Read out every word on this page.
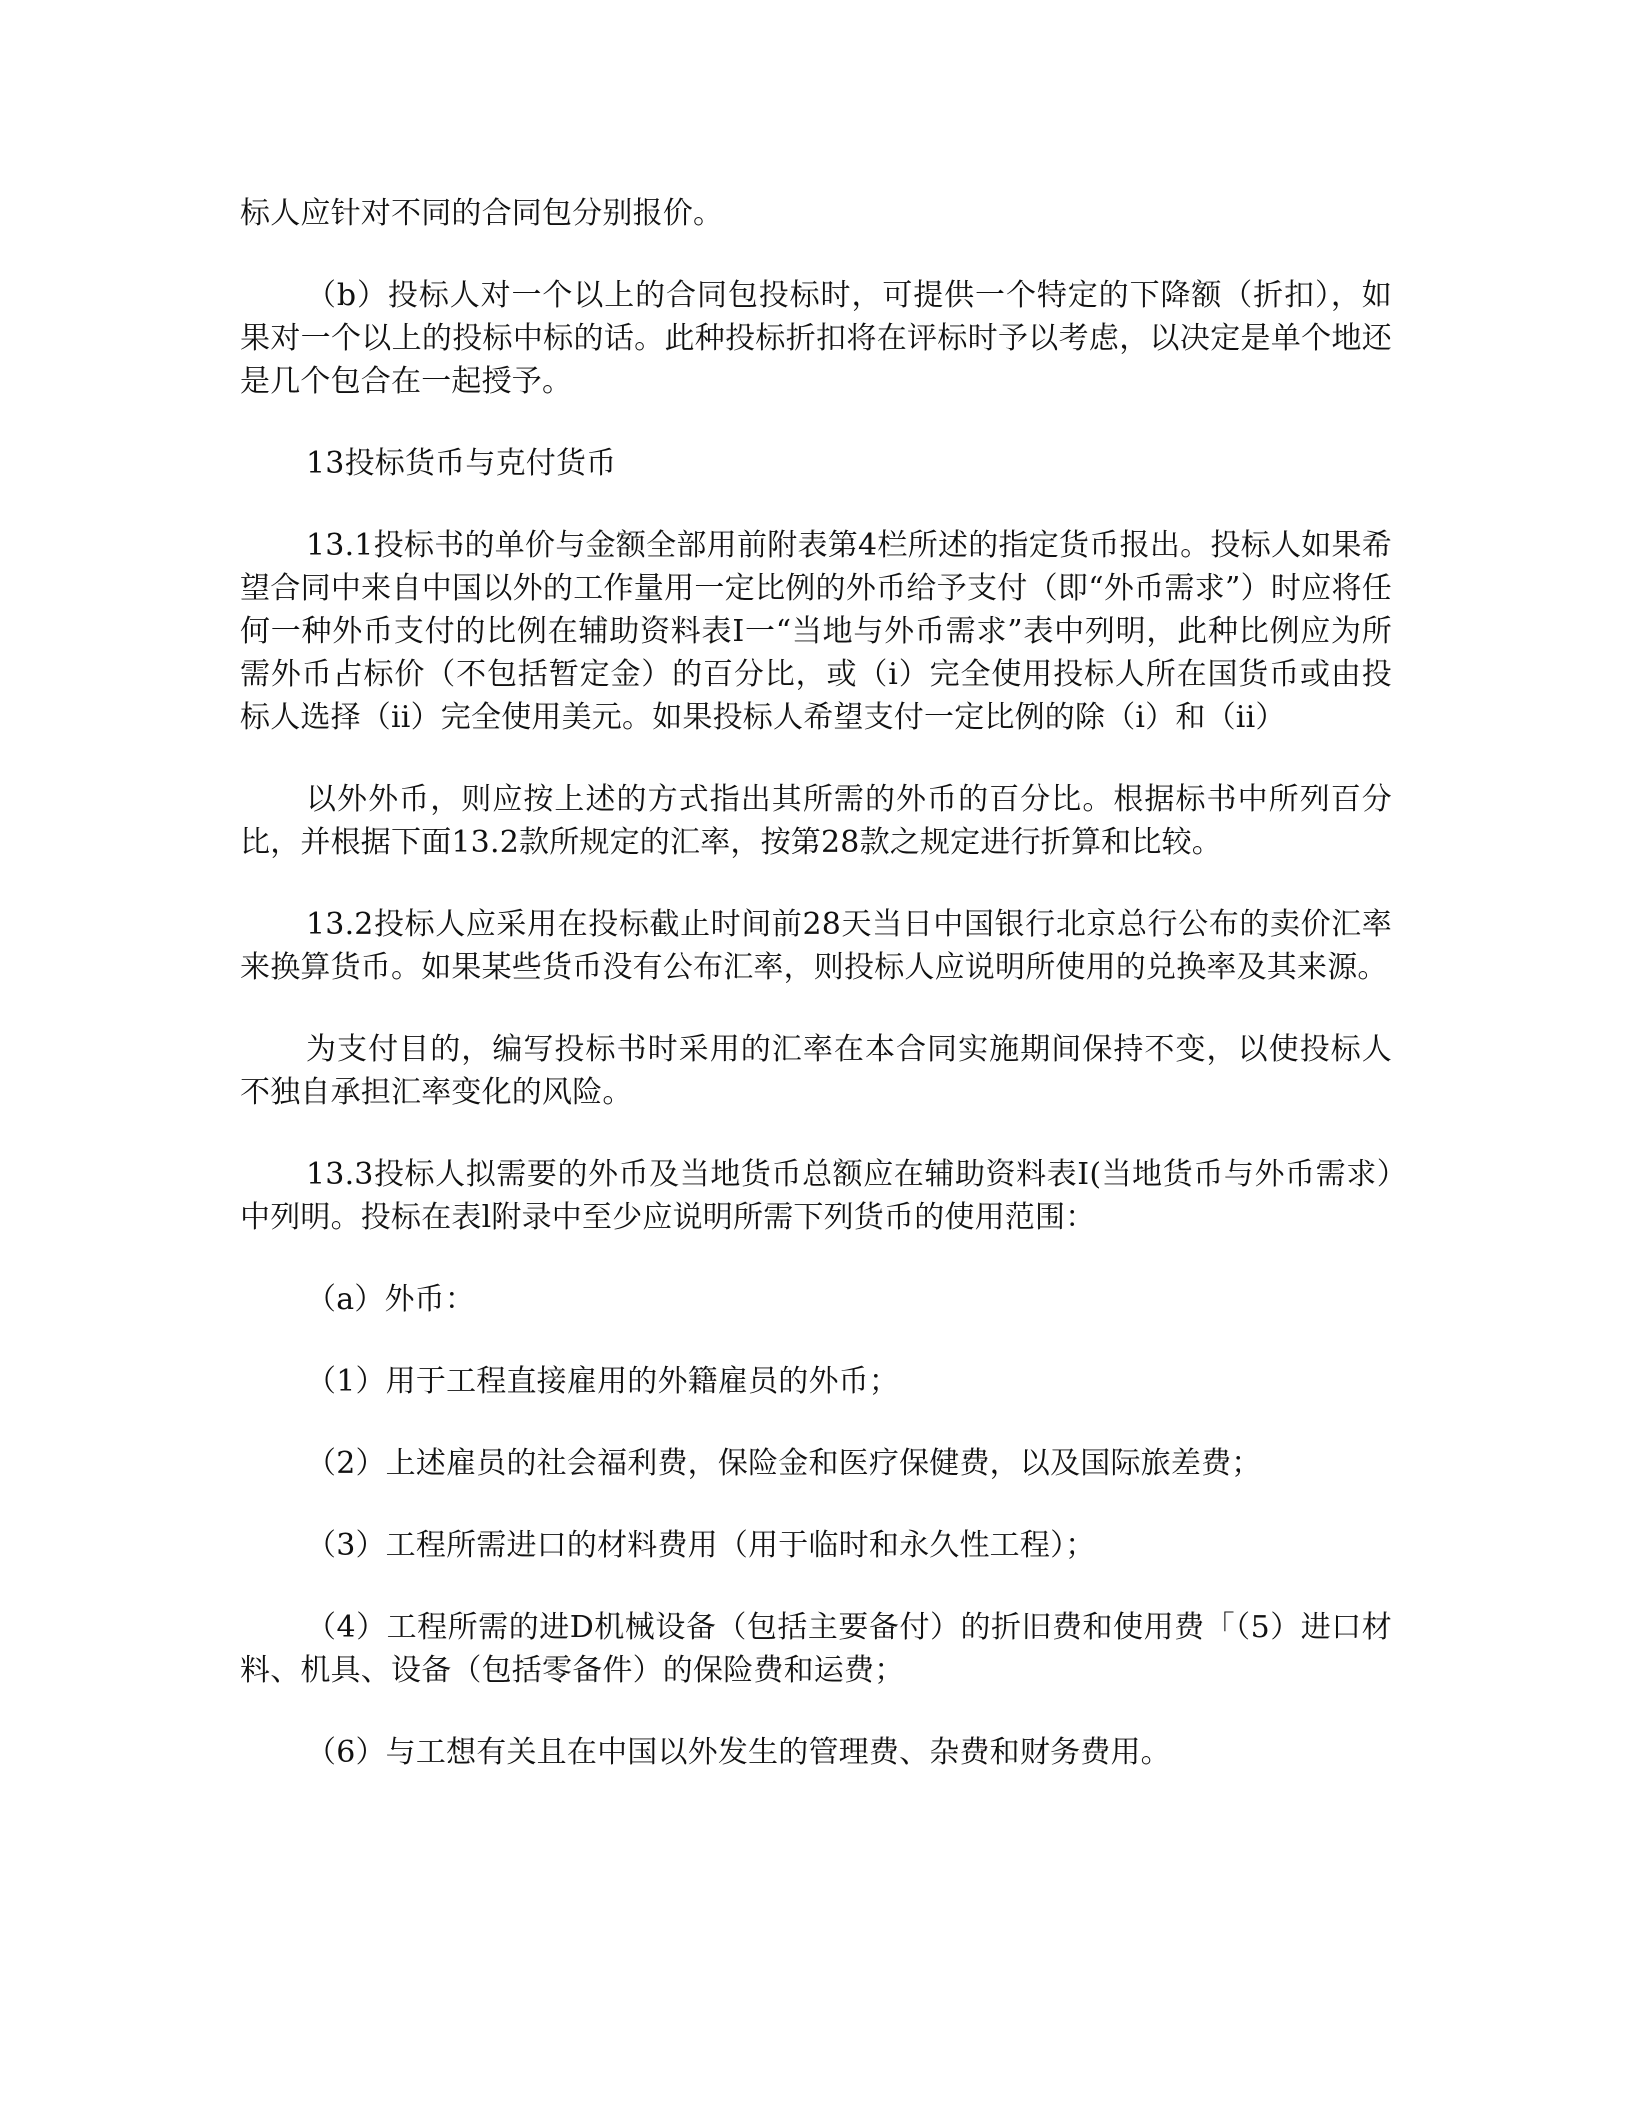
标人应针对不同的合同包分别报价。

（b）投标人对一个以上的合同包投标时，可提供一个特定的下降额（折扣），如果对一个以上的投标中标的话。此种投标折扣将在评标时予以考虑，以决定是单个地还是几个包合在一起授予。

13投标货币与克付货币

13.1投标书的单价与金额全部用前附表第4栏所述的指定货币报出。投标人如果希望合同中来自中国以外的工作量用一定比例的外币给予支付（即“外币需求”）时应将任何一种外币支付的比例在辅助资料表I一“当地与外币需求”表中列明，此种比例应为所需外币占标价（不包括暂定金）的百分比，或（i）完全使用投标人所在国货币或由投标人选择（ii）完全使用美元。如果投标人希望支付一定比例的除（i）和（ii）

以外外币，则应按上述的方式指出其所需的外币的百分比。根据标书中所列百分比，并根据下面13.2款所规定的汇率，按第28款之规定进行折算和比较。

13.2投标人应采用在投标截止时间前28天当日中国银行北京总行公布的卖价汇率来换算货币。如果某些货币没有公布汇率，则投标人应说明所使用的兑换率及其来源。

为支付目的，编写投标书时采用的汇率在本合同实施期间保持不变，以使投标人不独自承担汇率变化的风险。

13.3投标人拟需要的外币及当地货币总额应在辅助资料表I(当地货币与外币需求）中列明。投标在表l附录中至少应说明所需下列货币的使用范围：

（a）外币：

（1）用于工程直接雇用的外籍雇员的外币；

（2）上述雇员的社会福利费，保险金和医疗保健费，以及国际旅差费；

（3）工程所需进口的材料费用（用于临时和永久性工程）；

（4）工程所需的进D机械设备（包括主要备付）的折旧费和使用费「（5）进口材料、机具、设备（包括零备件）的保险费和运费；

（6）与工想有关且在中国以外发生的管理费、杂费和财务费用。
